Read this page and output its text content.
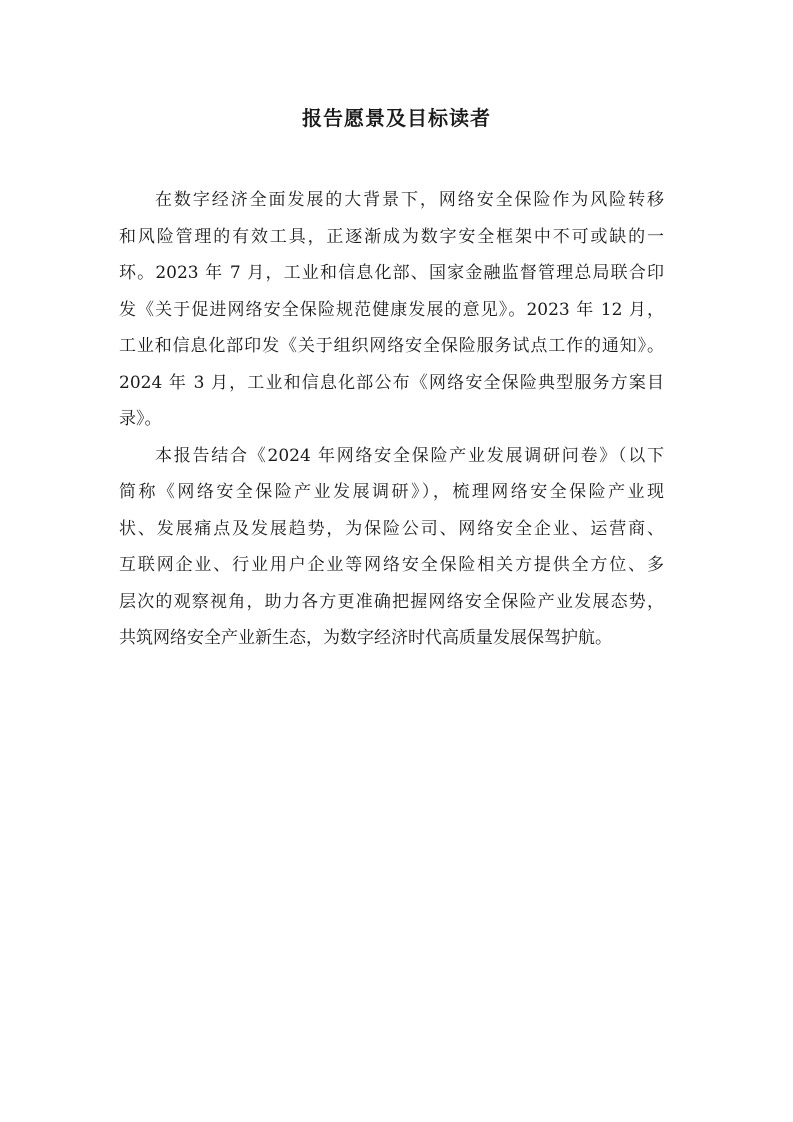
报告愿景及目标读者
在数字经济全面发展的大背景下，网络安全保险作为风险转移
和风险管理的有效工具，正逐渐成为数字安全框架中不可或缺的一
环。2023 年 7 月，工业和信息化部、国家金融监督管理总局联合印
发《关于促进网络安全保险规范健康发展的意见》。2023 年 12 月，
工业和信息化部印发《关于组织网络安全保险服务试点工作的通知》。
2024 年 3 月，工业和信息化部公布《网络安全保险典型服务方案目
录》。
本报告结合《2024 年网络安全保险产业发展调研问卷》（以下
简称《网络安全保险产业发展调研》），梳理网络安全保险产业现
状、发展痛点及发展趋势，为保险公司、网络安全企业、运营商、
互联网企业、行业用户企业等网络安全保险相关方提供全方位、多
层次的观察视角，助力各方更准确把握网络安全保险产业发展态势，
共筑网络安全产业新生态，为数字经济时代高质量发展保驾护航。
